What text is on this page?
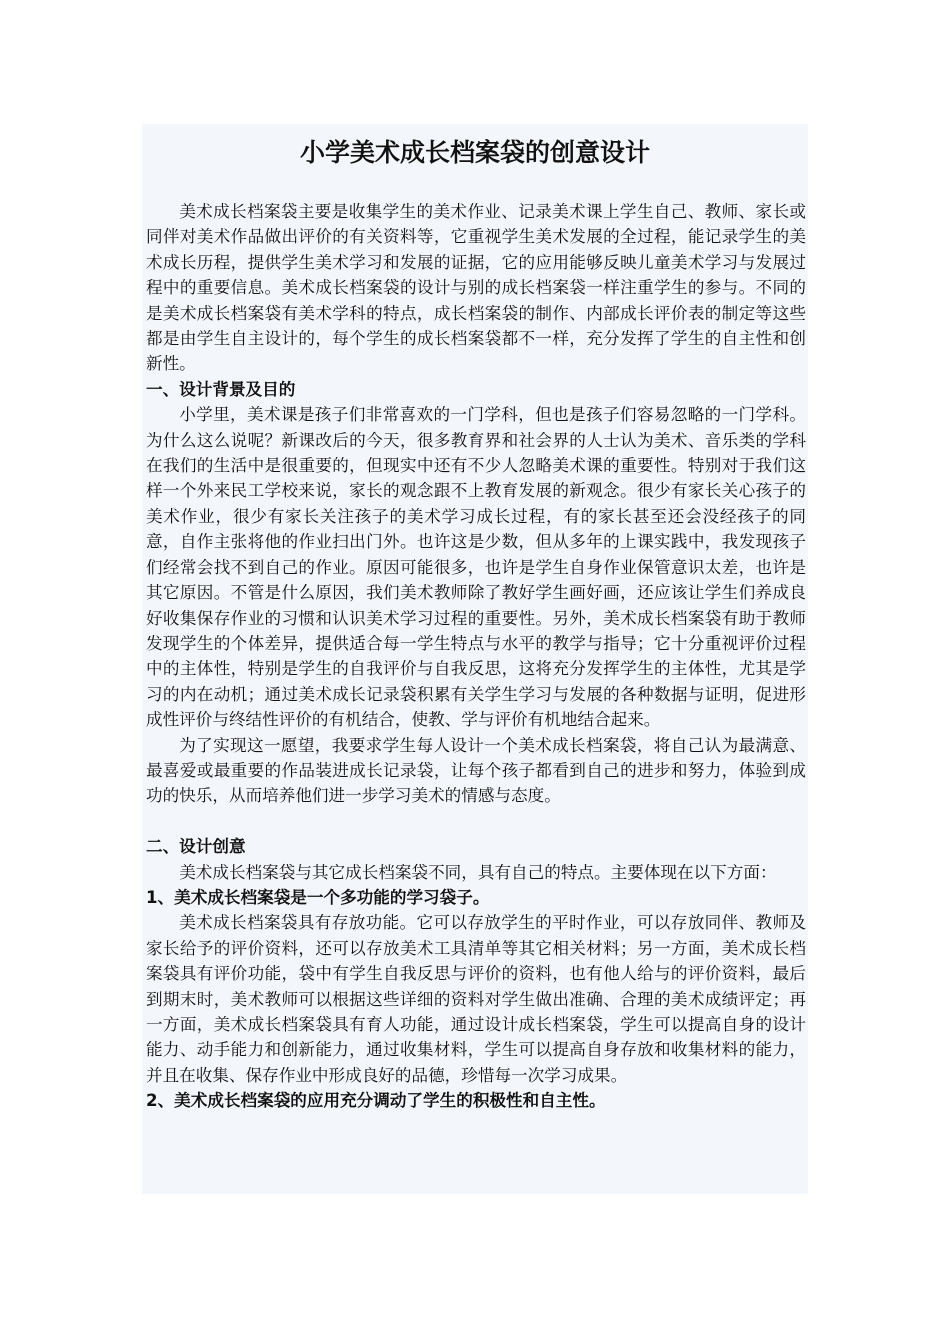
小学美术成长档案袋的创意设计

美术成长档案袋主要是收集学生的美术作业、记录美术课上学生自己、教师、家长或同伴对美术作品做出评价的有关资料等，它重视学生美术发展的全过程，能记录学生的美术成长历程，提供学生美术学习和发展的证据，它的应用能够反映儿童美术学习与发展过程中的重要信息。美术成长档案袋的设计与别的成长档案袋一样注重学生的参与。不同的是美术成长档案袋有美术学科的特点，成长档案袋的制作、内部成长评价表的制定等这些都是由学生自主设计的，每个学生的成长档案袋都不一样，充分发挥了学生的自主性和创新性。

一、设计背景及目的

小学里，美术课是孩子们非常喜欢的一门学科，但也是孩子们容易忽略的一门学科。为什么这么说呢？新课改后的今天，很多教育界和社会界的人士认为美术、音乐类的学科在我们的生活中是很重要的，但现实中还有不少人忽略美术课的重要性。特别对于我们这样一个外来民工学校来说，家长的观念跟不上教育发展的新观念。很少有家长关心孩子的美术作业，很少有家长关注孩子的美术学习成长过程，有的家长甚至还会没经孩子的同意，自作主张将他的作业扫出门外。也许这是少数，但从多年的上课实践中，我发现孩子们经常会找不到自己的作业。原因可能很多，也许是学生自身作业保管意识太差，也许是其它原因。不管是什么原因，我们美术教师除了教好学生画好画，还应该让学生们养成良好收集保存作业的习惯和认识美术学习过程的重要性。另外，美术成长档案袋有助于教师发现学生的个体差异，提供适合每一学生特点与水平的教学与指导；它十分重视评价过程中的主体性，特别是学生的自我评价与自我反思，这将充分发挥学生的主体性，尤其是学习的内在动机；通过美术成长记录袋积累有关学生学习与发展的各种数据与证明，促进形成性评价与终结性评价的有机结合，使教、学与评价有机地结合起来。

为了实现这一愿望，我要求学生每人设计一个美术成长档案袋，将自己认为最满意、最喜爱或最重要的作品装进成长记录袋，让每个孩子都看到自己的进步和努力，体验到成功的快乐，从而培养他们进一步学习美术的情感与态度。

二、设计创意

美术成长档案袋与其它成长档案袋不同，具有自己的特点。主要体现在以下方面：

1、美术成长档案袋是一个多功能的学习袋子。

美术成长档案袋具有存放功能。它可以存放学生的平时作业，可以存放同伴、教师及家长给予的评价资料，还可以存放美术工具清单等其它相关材料；另一方面，美术成长档案袋具有评价功能，袋中有学生自我反思与评价的资料，也有他人给与的评价资料，最后到期末时，美术教师可以根据这些详细的资料对学生做出准确、合理的美术成绩评定；再一方面，美术成长档案袋具有育人功能，通过设计成长档案袋，学生可以提高自身的设计能力、动手能力和创新能力，通过收集材料，学生可以提高自身存放和收集材料的能力，并且在收集、保存作业中形成良好的品德，珍惜每一次学习成果。

2、美术成长档案袋的应用充分调动了学生的积极性和自主性。
